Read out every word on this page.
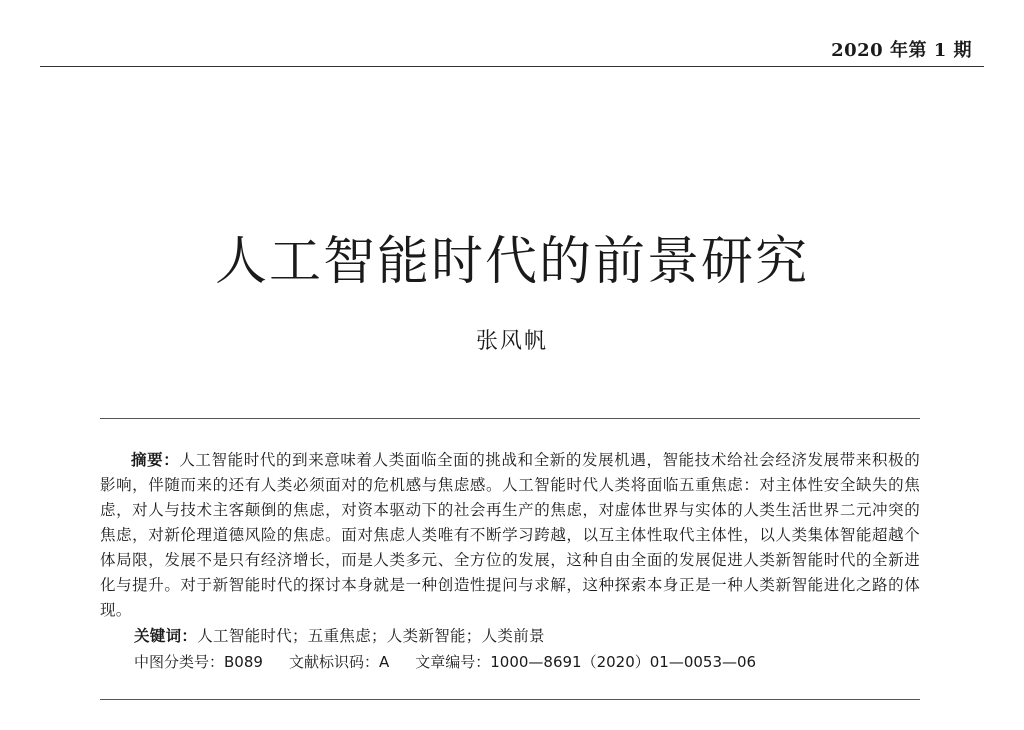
2020 年第 1 期
人工智能时代的前景研究
张风帆
摘要：人工智能时代的到来意味着人类面临全面的挑战和全新的发展机遇，智能技术给社会经济发展带来积极的影响，伴随而来的还有人类必须面对的危机感与焦虑感。人工智能时代人类将面临五重焦虑：对主体性安全缺失的焦虑，对人与技术主客颠倒的焦虑，对资本驱动下的社会再生产的焦虑，对虚体世界与实体的人类生活世界二元冲突的焦虑，对新伦理道德风险的焦虑。面对焦虑人类唯有不断学习跨越，以互主体性取代主体性，以人类集体智能超越个体局限，发展不是只有经济增长，而是人类多元、全方位的发展，这种自由全面的发展促进人类新智能时代的全新进化与提升。对于新智能时代的探讨本身就是一种创造性提问与求解，这种探索本身正是一种人类新智能进化之路的体现。
关键词：人工智能时代；五重焦虑；人类新智能；人类前景
中图分类号：B089 文献标识码：A 文章编号：1000—8691（2020）01—0053—06
